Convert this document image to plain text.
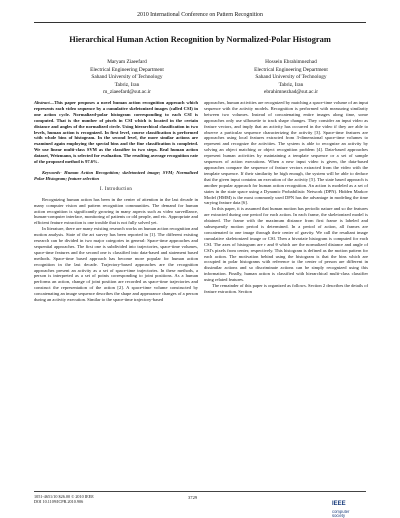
2010 International Conference on Pattern Recognition
Hierarchical Human Action Recognition by Normalized-Polar Histogram
Maryam Ziaeefard
Electrical Engineering Department
Sahand University of Technology
Tabriz, Iran
m_ziaeefard@sut.ac.ir
Hossein Ebrahimnezhad
Electrical Engineering Department
Sahand University of Technology
Tabriz, Iran
ebrahimnezhad@sut.ac.ir

Abstract—This paper proposes a novel human action recognition approach which represents each video sequence by a cumulative skeletonized images (called CSI) in one action cycle. Normalized-polar histogram corresponding to each CSI is computed. That is the number of pixels in CSI which is located in the certain distance and angles of the normalized circle. Using hierarchical classification in two levels, human action is recognized. In first level, course classification is performed with whole bins of histogram. In the second level, the more similar actions are examined again employing the special bins and the fine classification is completed. We use linear multi-class SVM as the classifier in two steps. Real human action dataset, Weizmann, is selected for evaluation. The resulting average recognition rate of the proposed method is 97.6%.

Keywords- Human Action Recognition; skeletonized image; SVM; Normalized Polar Histogram; feature selection

I. Introduction

Recognizing human action has been in the center of attention in the last decade in many computer vision and pattern recognition communities. The demand for human action recognition is significantly growing in many aspects such as video surveillance, human-computer interface, monitoring of patients or old people, and etc. Appropriate and efficient feature extraction is one trouble that is not fully solved yet.

In literature, there are many existing research works on human action recognition and motion analysis. State of the art survey has been reported in [1]. The different existing research can be divided in two major categories in general: Space-time approaches and sequential approaches. The first one is subdivided into trajectories, space-time volumes, space-time features and the second one is classified into data-based and statement based methods. Space-time based approach has become more popular for human action recognition in the last decade. Trajectory-based approaches are the recognition approaches present an activity as a set of space-time trajectories. In these methods, a person is interpreted as a set of points corresponding to joint positions. As a human performs an action, change of joint position are recorded as space-time trajectories and construct the representation of the action [2]. A space-time volume constructed by concatenating an image sequence describes the shape and appearance changes of a person during an activity execution. Similar to the space-time trajectory-based

approaches, human activities are recognized by matching a space-time volume of an input sequence with the activity models. Recognition is performed with measuring similarity between two volumes. Instead of concatenating entire images along time, some approaches only use silhouette to track shape changes. They consider an input video as feature vectors, and imply that an activity has occurred in the video if they are able to observe a particular sequence characterizing the activity [3]. Space-time features are approaches using local features extracted from 3-dimensional space-time volumes to represent and recognize the activities. The system is able to recognize an activity by solving an object matching or object recognition problem [4]. Data-based approaches represent human activities by maintaining a template sequence or a set of sample sequences of action executions. When a new input video is given, the data-based approaches compare the sequence of feature vectors extracted from the video with the template sequence. If their similarity be high enough, the system will be able to deduce that the given input contains an execution of the activity [5]. The state based approach is another popular approach for human action recognition. An action is modeled as a set of states in the state space using a Dynamic Probabilistic Network (DPN). Hidden Markov Model (HMM) is the most commonly used DPN has the advantage in modeling the time varying feature data [6].

In this paper, it is assumed that human motion has periodic nature and so the features are extracted during one period for each action. In each frame, the skeletonized model is obtained. The frame with the maximum distance from first frame is labeled and subsequently motion period is determined. In a period of action, all frames are concatenated to one image through their center of gravity. We call the resultant image cumulative skeletonized image or CSI. Then a bivariate histogram is computed for each CSI. The axes of histogram are r and θ which are the normalized distance and angle of CSI's pixels from center, respectively. This histogram is defined as the motion pattern for each action. The motivation behind using the histogram is that the bins which are occupied in polar histograms with reference to the center of person are different in dissimilar actions and so discriminate actions can be simply recognized using this information. Finally, human action is classified with hierarchical multi-class classifier using related features.

The remainder of this paper is organized as follows. Section 2 describes the details of feature extraction. Section

1051-4651/10 $26.00 © 2010 IEEE
DOI 10.1109/ICPR.2010.906
3729
IEEE
computer
society
